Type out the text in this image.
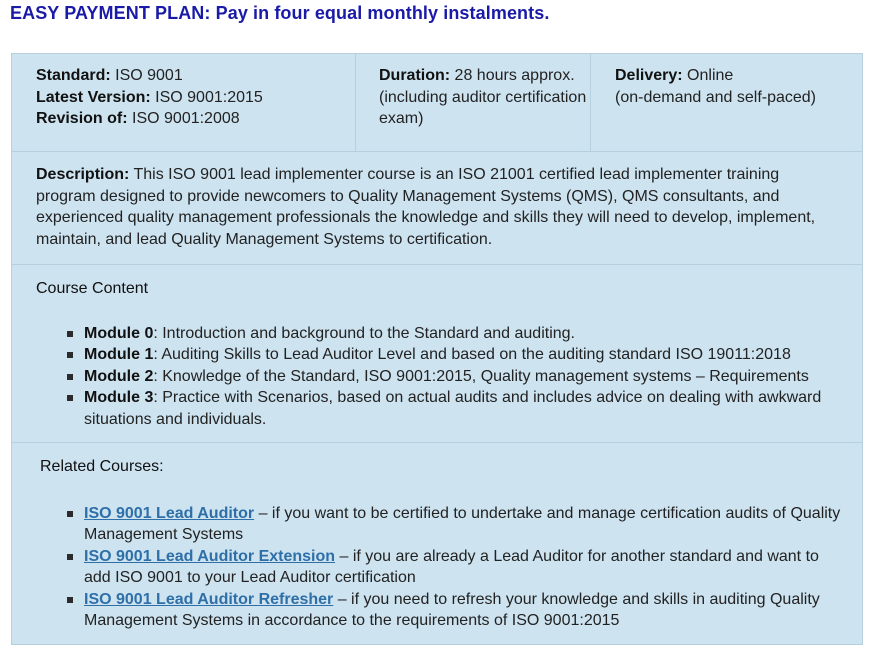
EASY PAYMENT PLAN: Pay in four equal monthly instalments.

Standard: ISO 9001
Latest Version: ISO 9001:2015
Revision of: ISO 9001:2008
	Duration: 28 hours approx. (including auditor certification exam)	Delivery: Online
(on-demand and self-paced)

Description: This ISO 9001 lead implementer course is an ISO 21001 certified lead implementer training program designed to provide newcomers to Quality Management Systems (QMS), QMS consultants, and experienced quality management professionals the knowledge and skills they will need to develop, implement, maintain, and lead Quality Management Systems to certification.

Course Content

Module 0: Introduction and background to the Standard and auditing.
Module 1: Auditing Skills to Lead Auditor Level and based on the auditing standard ISO 19011:2018
Module 2: Knowledge of the Standard, ISO 9001:2015, Quality management systems – Requirements
Module 3: Practice with Scenarios, based on actual audits and includes advice on dealing with awkward situations and individuals.

Related Courses:

ISO 9001 Lead Auditor – if you want to be certified to undertake and manage certification audits of Quality Management Systems
ISO 9001 Lead Auditor Extension – if you are already a Lead Auditor for another standard and want to add ISO 9001 to your Lead Auditor certification
ISO 9001 Lead Auditor Refresher – if you need to refresh your knowledge and skills in auditing Quality Management Systems in accordance to the requirements of ISO 9001:2015
